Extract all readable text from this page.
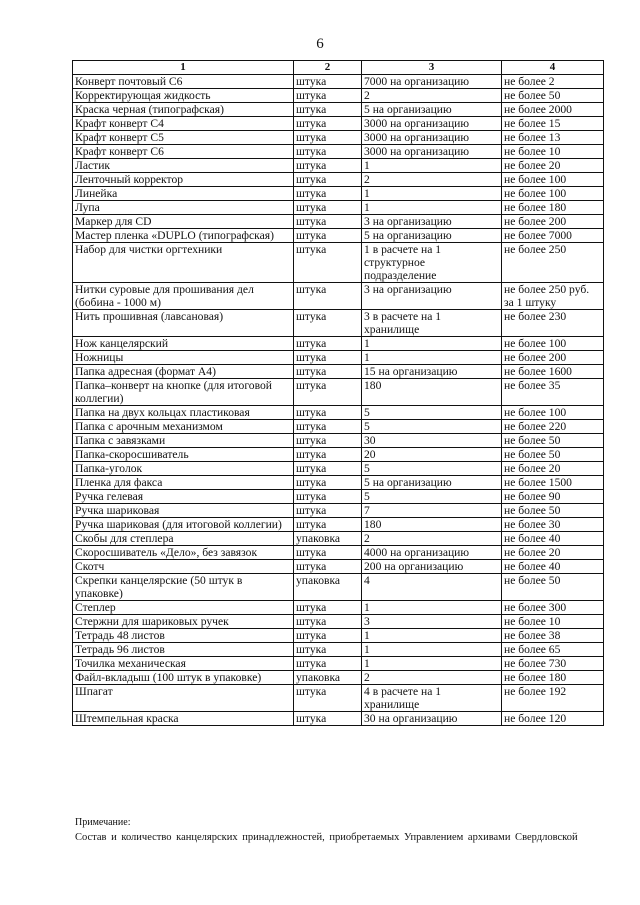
6
1	2	3	4
Конверт почтовый С6	штука	7000 на организацию	не более 2
Корректирующая жидкость	штука	2	не более 50
Краска черная (типографская)	штука	5 на организацию	не более 2000
Крафт конверт С4	штука	3000 на организацию	не более 15
Крафт конверт С5	штука	3000 на организацию	не более 13
Крафт конверт С6	штука	3000 на организацию	не более 10
Ластик	штука	1	не более 20
Ленточный корректор	штука	2	не более 100
Линейка	штука	1	не более 100
Лупа	штука	1	не более 180
Маркер для CD	штука	3 на организацию	не более 200
Мастер пленка «DUPLO (типографская)	штука	5 на организацию	не более 7000
Набор для чистки оргтехники	штука	1 в расчете на 1 структурное подразделение	не более 250
Нитки суровые для прошивания дел (бобина - 1000 м)	штука	3 на организацию	не более 250 руб. за 1 штуку
Нить прошивная (лавсановая)	штука	3 в расчете на 1 хранилище	не более 230
Нож канцелярский	штука	1	не более 100
Ножницы	штука	1	не более 200
Папка адресная (формат А4)	штука	15 на организацию	не более 1600
Папка–конверт на кнопке (для итоговой коллегии)	штука	180	не более 35
Папка на двух кольцах пластиковая	штука	5	не более 100
Папка с арочным механизмом	штука	5	не более 220
Папка с завязками	штука	30	не более 50
Папка-скоросшиватель	штука	20	не более 50
Папка-уголок	штука	5	не более 20
Пленка для факса	штука	5 на организацию	не более 1500
Ручка гелевая	штука	5	не более 90
Ручка шариковая	штука	7	не более 50
Ручка шариковая (для итоговой коллегии)	штука	180	не более 30
Скобы для степлера	упаковка	2	не более 40
Скоросшиватель «Дело», без завязок	штука	4000 на организацию	не более 20
Скотч	штука	200 на организацию	не более 40
Скрепки канцелярские (50 штук в упаковке)	упаковка	4	не более 50
Степлер	штука	1	не более 300
Стержни для шариковых ручек	штука	3	не более 10
Тетрадь 48 листов	штука	1	не более 38
Тетрадь 96 листов	штука	1	не более 65
Точилка механическая	штука	1	не более 730
Файл-вкладыш (100 штук в упаковке)	упаковка	2	не более 180
Шпагат	штука	4 в расчете на 1 хранилище	не более 192
Штемпельная краска	штука	30 на организацию	не более 120
Примечание:
Состав и количество канцелярских принадлежностей, приобретаемых Управлением архивами Свердловской
